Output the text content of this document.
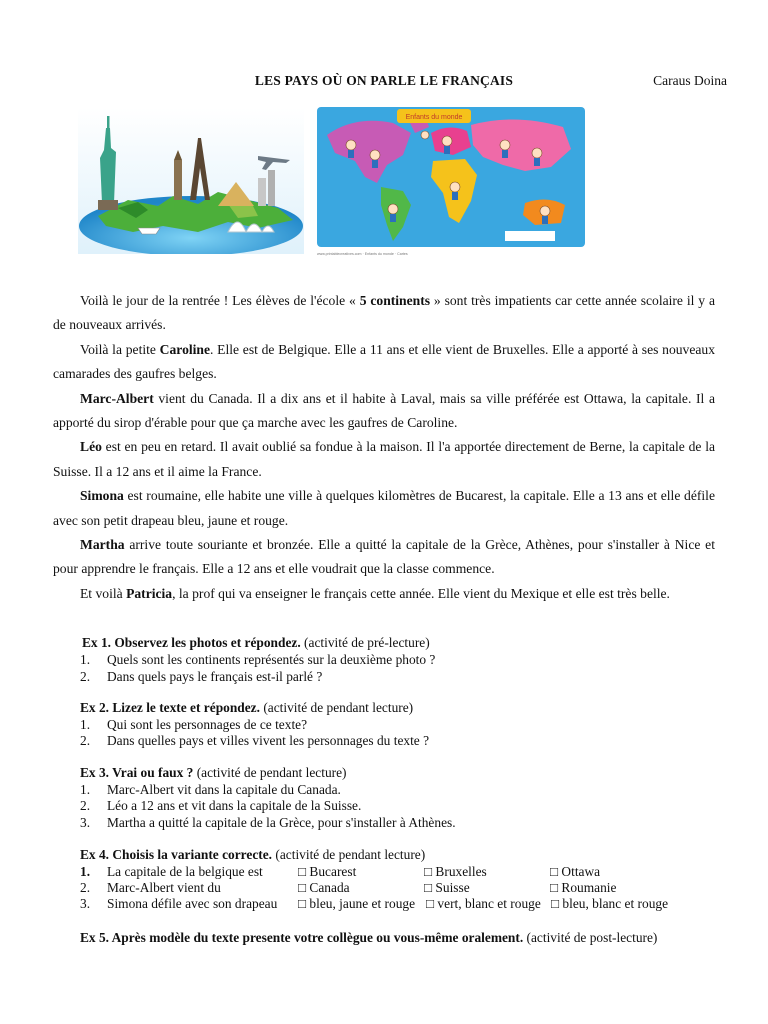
LES PAYS OÙ ON PARLE LE FRANÇAIS	Caraus Doina
Enfants du monde
www.printablecreatives.com · Enfants du monde · Cartes

Voilà le jour de la rentrée ! Les élèves de l'école « 5 continents » sont très impatients car cette année scolaire il y a de nouveaux arrivés.

Voilà la petite Caroline. Elle est de Belgique. Elle a 11 ans et elle vient de Bruxelles. Elle a apporté à ses nouveaux camarades des gaufres belges.

Marc-Albert vient du Canada. Il a dix ans et il habite à Laval, mais sa ville préférée est Ottawa, la capitale. Il a apporté du sirop d'érable pour que ça marche avec les gaufres de Caroline.

Léo est en peu en retard. Il avait oublié sa fondue à la maison. Il l'a apportée directement de Berne, la capitale de la Suisse. Il a 12 ans et il aime la France.

Simona est roumaine, elle habite une ville à quelques kilomètres de Bucarest, la capitale. Elle a 13 ans et elle défile avec son petit drapeau bleu, jaune et rouge.

Martha arrive toute souriante et bronzée. Elle a quitté la capitale de la Grèce, Athènes, pour s'installer à Nice et pour apprendre le français. Elle a 12 ans et elle voudrait que la classe commence.

Et voilà Patricia, la prof qui va enseigner le français cette année. Elle vient du Mexique et elle est très belle.

Ex 1. Observez les photos et répondez. (activité de pré-lecture)
1.	Quels sont les continents représentés sur la deuxième photo ?
2.	Dans quels pays le français est-il parlé ?
Ex 2. Lizez le texte et répondez. (activité de pendant lecture)
1.	Qui sont les personnages de ce texte?
2.	Dans quelles pays et villes vivent les personnages du texte ?
Ex 3. Vrai ou faux ? (activité de pendant lecture)
1.	Marc-Albert vit dans la capitale du Canada.
2.	Léo a 12 ans et vit dans la capitale de la Suisse.
3.	Martha a quitté la capitale de la Grèce, pour s'installer à Athènes.
Ex 4. Choisis la variante correcte. (activité de pendant lecture)
1. La capitale de la belgique est	□ Bucarest	□ Bruxelles	□ Ottawa
2. Marc-Albert vient du	□ Canada	□ Suisse	□ Roumanie
3. Simona défile avec son drapeau □ bleu, jaune et rouge □ vert, blanc et rouge □ bleu, blanc et rouge
Ex 5. Après modèle du texte presente votre collègue ou vous-même oralement. (activité de post-lecture)
